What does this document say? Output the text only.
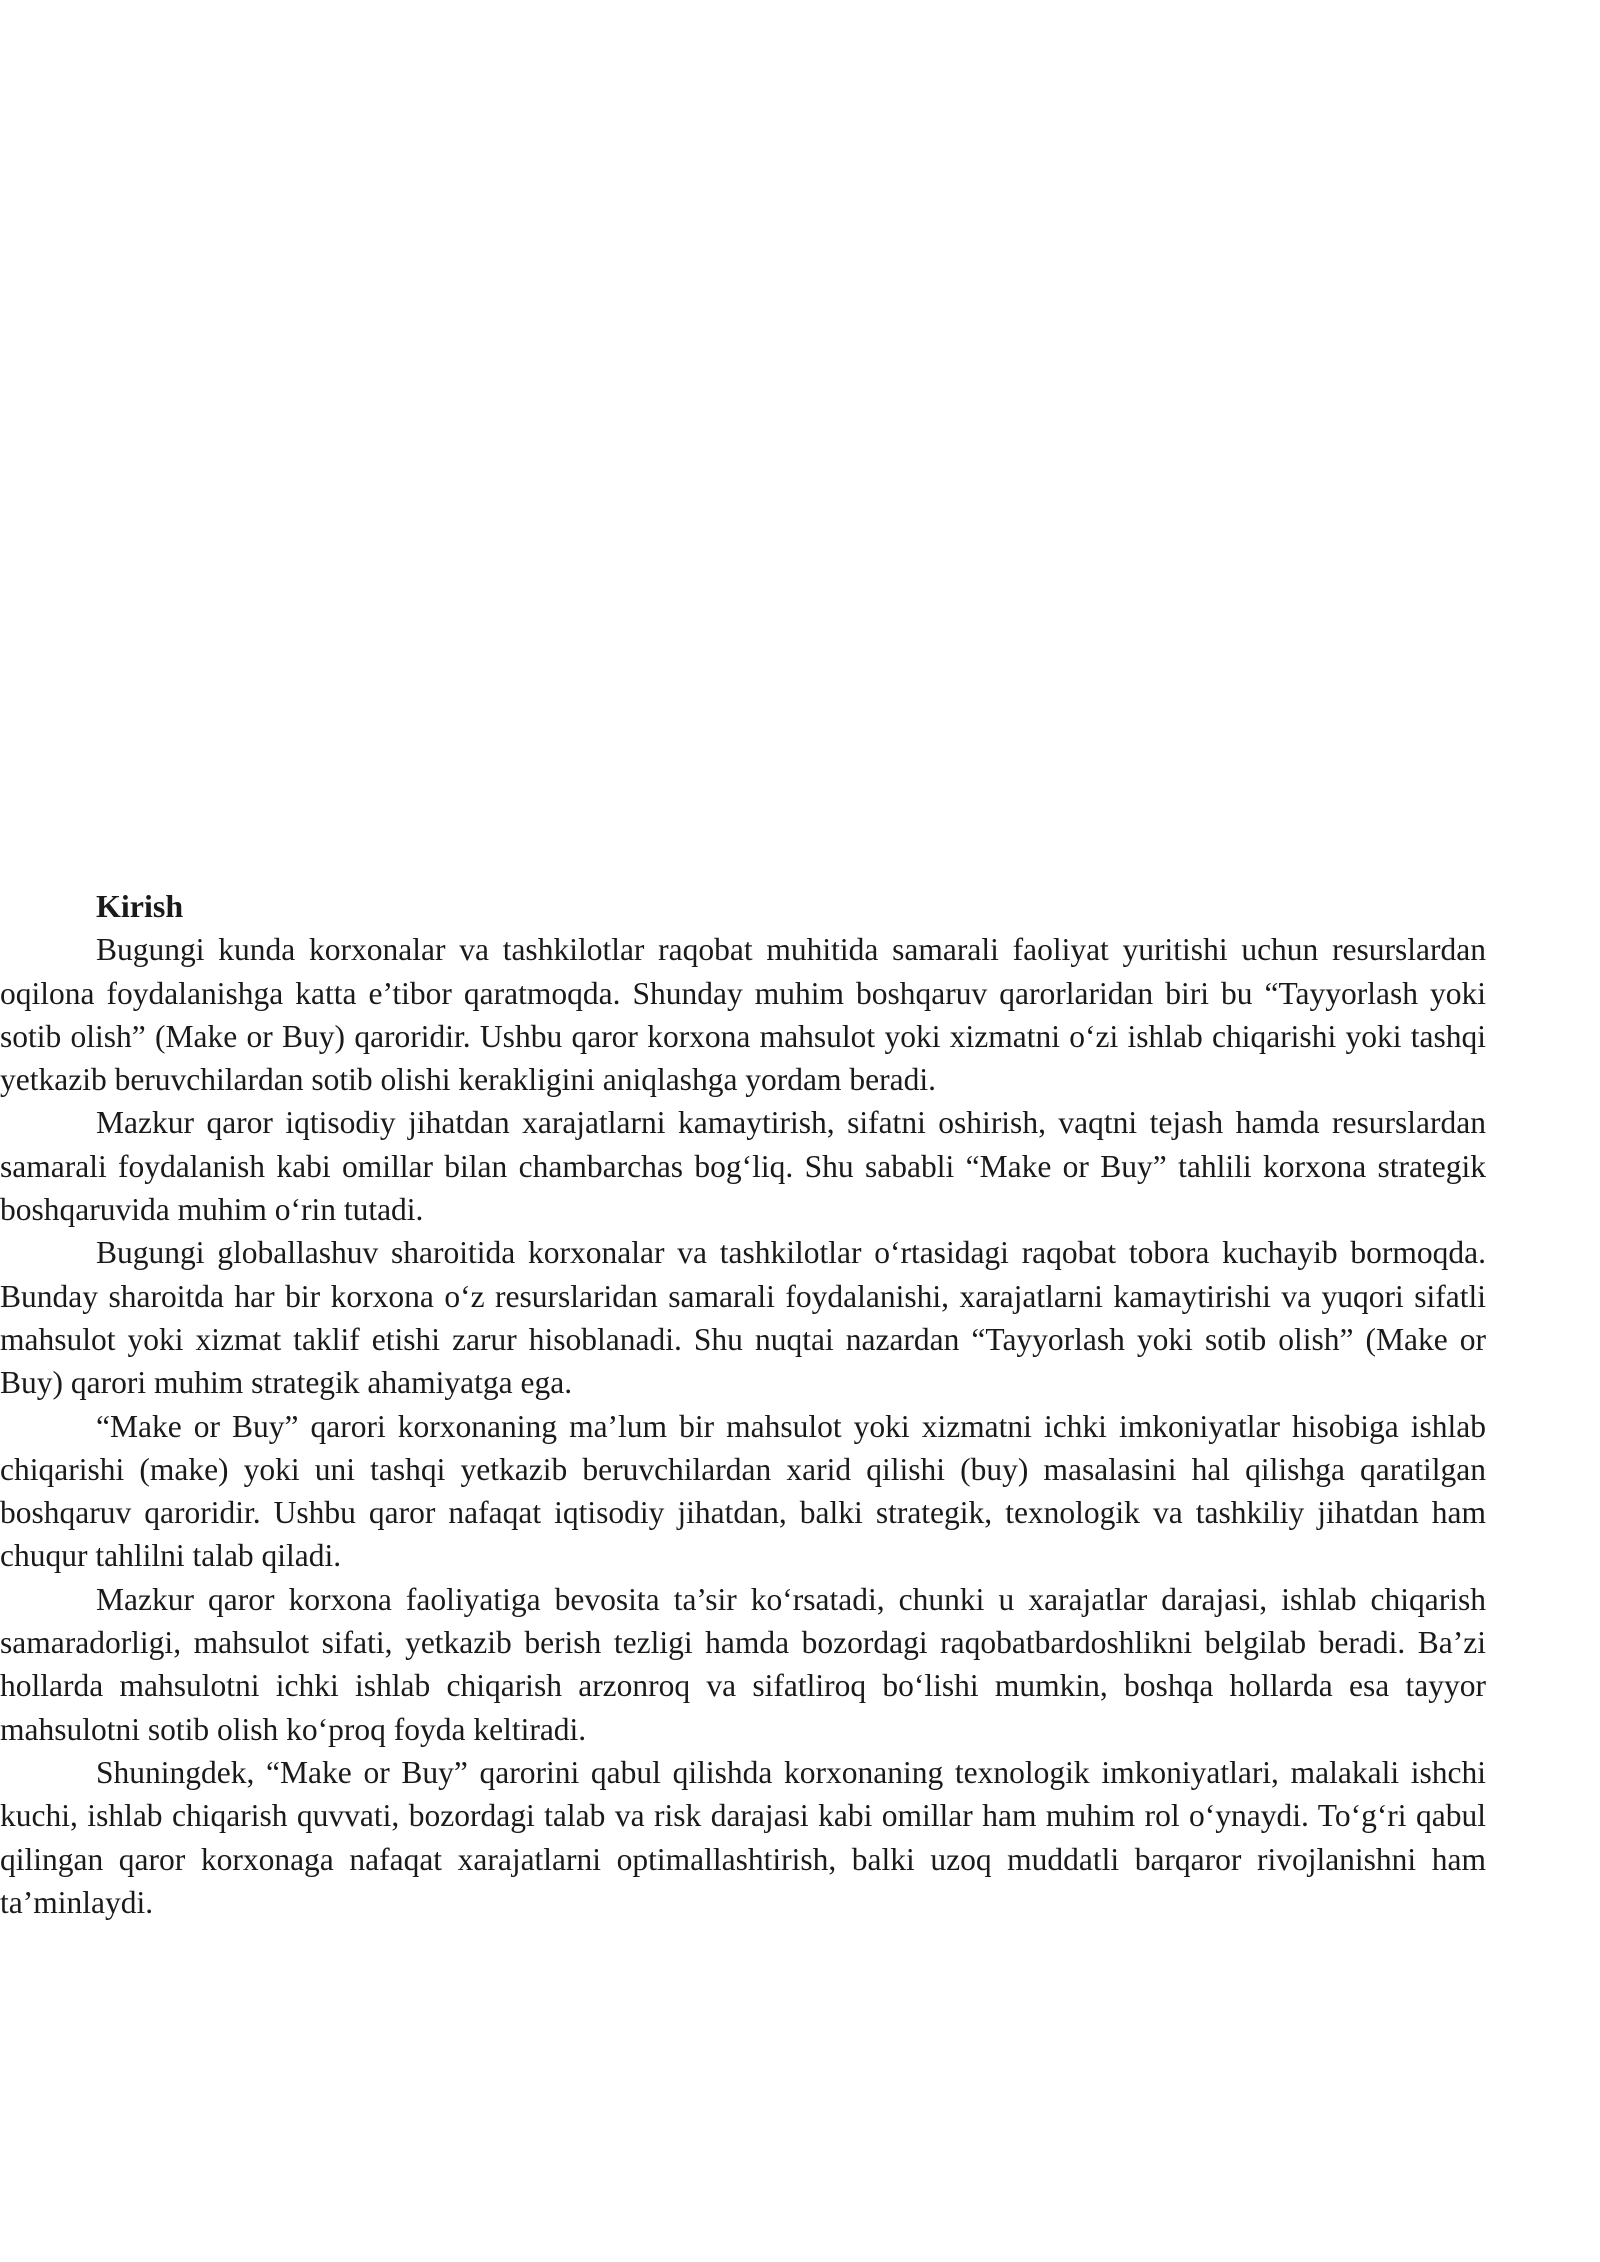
Kirish

Bugungi kunda korxonalar va tashkilotlar raqobat muhitida samarali faoliyat yuritishi uchun resurslardan oqilona foydalanishga katta e’tibor qaratmoqda. Shunday muhim boshqaruv qarorlaridan biri bu “Tayyorlash yoki sotib olish” (Make or Buy) qaroridir. Ushbu qaror korxona mahsulot yoki xizmatni o‘zi ishlab chiqarishi yoki tashqi yetkazib beruvchilardan sotib olishi kerakligini aniqlashga yordam beradi.

Mazkur qaror iqtisodiy jihatdan xarajatlarni kamaytirish, sifatni oshirish, vaqtni tejash hamda resurslardan samarali foydalanish kabi omillar bilan chambarchas bog‘liq. Shu sababli “Make or Buy” tahlili korxona strategik boshqaruvida muhim o‘rin tutadi.

Bugungi globallashuv sharoitida korxonalar va tashkilotlar o‘rtasidagi raqobat tobora kuchayib bormoqda. Bunday sharoitda har bir korxona o‘z resurslaridan samarali foydalanishi, xarajatlarni kamaytirishi va yuqori sifatli mahsulot yoki xizmat taklif etishi zarur hisoblanadi. Shu nuqtai nazardan “Tayyorlash yoki sotib olish” (Make or Buy) qarori muhim strategik ahamiyatga ega.

“Make or Buy” qarori korxonaning ma’lum bir mahsulot yoki xizmatni ichki imkoniyatlar hisobiga ishlab chiqarishi (make) yoki uni tashqi yetkazib beruvchilardan xarid qilishi (buy) masalasini hal qilishga qaratilgan boshqaruv qaroridir. Ushbu qaror nafaqat iqtisodiy jihatdan, balki strategik, texnologik va tashkiliy jihatdan ham chuqur tahlilni talab qiladi.

Mazkur qaror korxona faoliyatiga bevosita ta’sir ko‘rsatadi, chunki u xarajatlar darajasi, ishlab chiqarish samaradorligi, mahsulot sifati, yetkazib berish tezligi hamda bozordagi raqobatbardoshlikni belgilab beradi. Ba’zi hollarda mahsulotni ichki ishlab chiqarish arzonroq va sifatliroq bo‘lishi mumkin, boshqa hollarda esa tayyor mahsulotni sotib olish ko‘proq foyda keltiradi.

Shuningdek, “Make or Buy” qarorini qabul qilishda korxonaning texnologik imkoniyatlari, malakali ishchi kuchi, ishlab chiqarish quvvati, bozordagi talab va risk darajasi kabi omillar ham muhim rol o‘ynaydi. To‘g‘ri qabul qilingan qaror korxonaga nafaqat xarajatlarni optimallashtirish, balki uzoq muddatli barqaror rivojlanishni ham ta’minlaydi.
